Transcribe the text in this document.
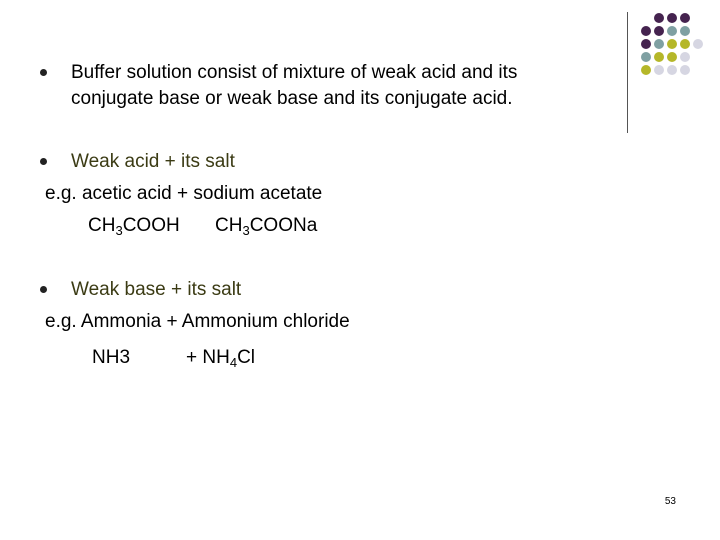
Buffer solution consist of mixture of weak acid and its
conjugate base or weak base and its conjugate acid.
Weak acid + its salt
e.g. acetic acid + sodium acetate
$CH_3COOH$ $CH_3COONa$
Weak base + its salt
e.g. Ammonia + Ammonium chloride
NH3	+ $NH_4Cl$
53
